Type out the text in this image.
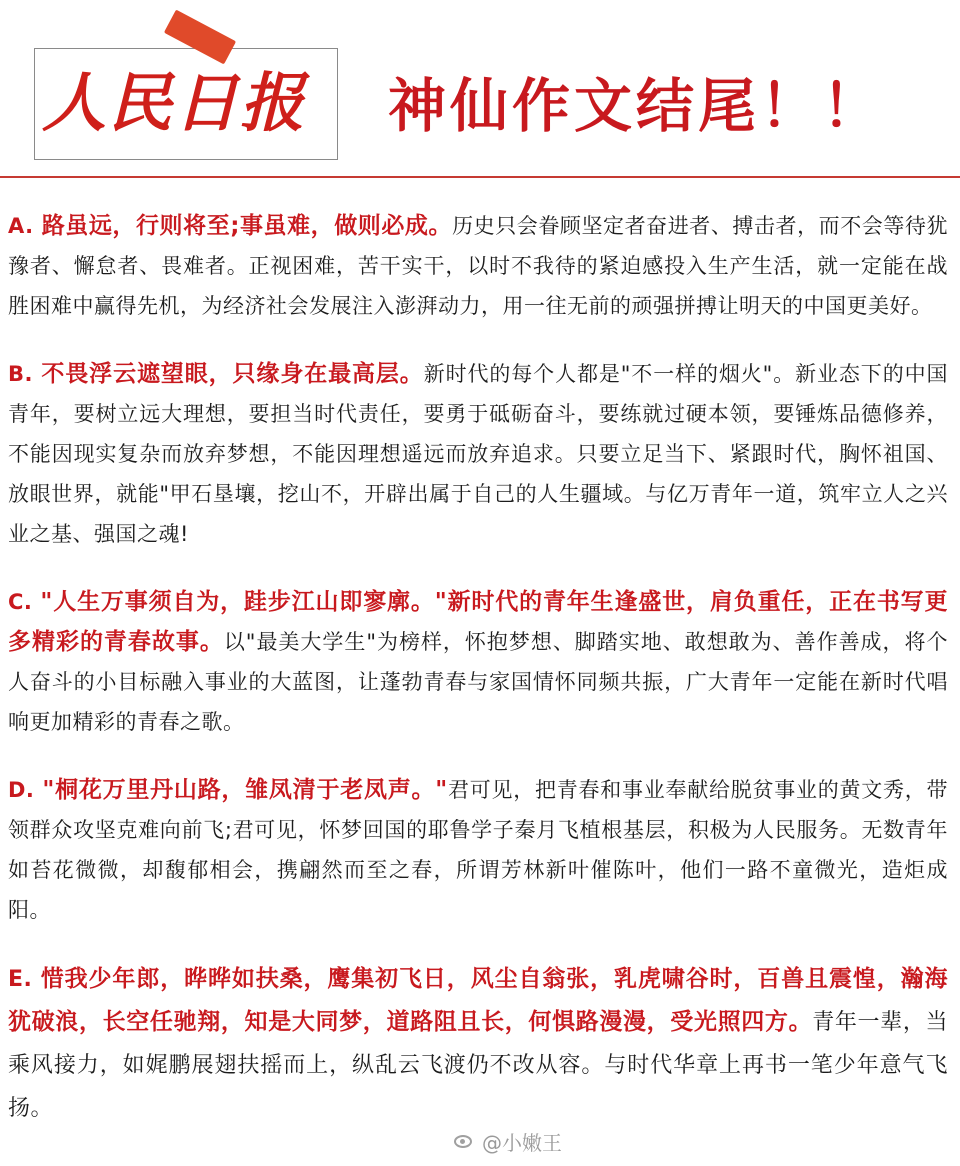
人民日报	神仙作文结尾！！

A. 路虽远，行则将至;事虽难，做则必成。历史只会眷顾坚定者奋进者、搏击者，而不会等待犹豫者、懈怠者、畏难者。正视困难，苦干实干，以时不我待的紧迫感投入生产生活，就一定能在战胜困难中赢得先机，为经济社会发展注入澎湃动力，用一往无前的顽强拼搏让明天的中国更美好。

B. 不畏浮云遮望眼，只缘身在最高层。新时代的每个人都是"不一样的烟火"。新业态下的中国青年，要树立远大理想，要担当时代责任，要勇于砥砺奋斗，要练就过硬本领，要锤炼品德修养，不能因现实复杂而放弃梦想，不能因理想遥远而放弃追求。只要立足当下、紧跟时代，胸怀祖国、放眼世界，就能"甲石垦壤，挖山不，开辟出属于自己的人生疆域。与亿万青年一道，筑牢立人之兴业之基、强国之魂!

C. "人生万事须自为，跬步江山即寥廓。"新时代的青年生逢盛世，肩负重任，正在书写更多精彩的青春故事。以"最美大学生"为榜样，怀抱梦想、脚踏实地、敢想敢为、善作善成，将个人奋斗的小目标融入事业的大蓝图，让蓬勃青春与家国情怀同频共振，广大青年一定能在新时代唱响更加精彩的青春之歌。

D. "桐花万里丹山路，雏凤清于老凤声。"君可见，把青春和事业奉献给脱贫事业的黄文秀，带领群众攻坚克难向前飞;君可见，怀梦回国的耶鲁学子秦月飞植根基层，积极为人民服务。无数青年如苔花微微，却馥郁相会，携翩然而至之春，所谓芳林新叶催陈叶，他们一路不童微光，造炬成阳。

E. 惜我少年郎，晔晔如扶桑，鹰集初飞日，风尘自翁张，乳虎啸谷时，百兽且震惶，瀚海犹破浪，长空任驰翔，知是大同梦，道路阻且长，何惧路漫漫，受光照四方。青年一辈，当乘风接力，如娓鹏展翅扶摇而上，纵乱云飞渡仍不改从容。与时代华章上再书一笔少年意气飞扬。

@小嫩王
